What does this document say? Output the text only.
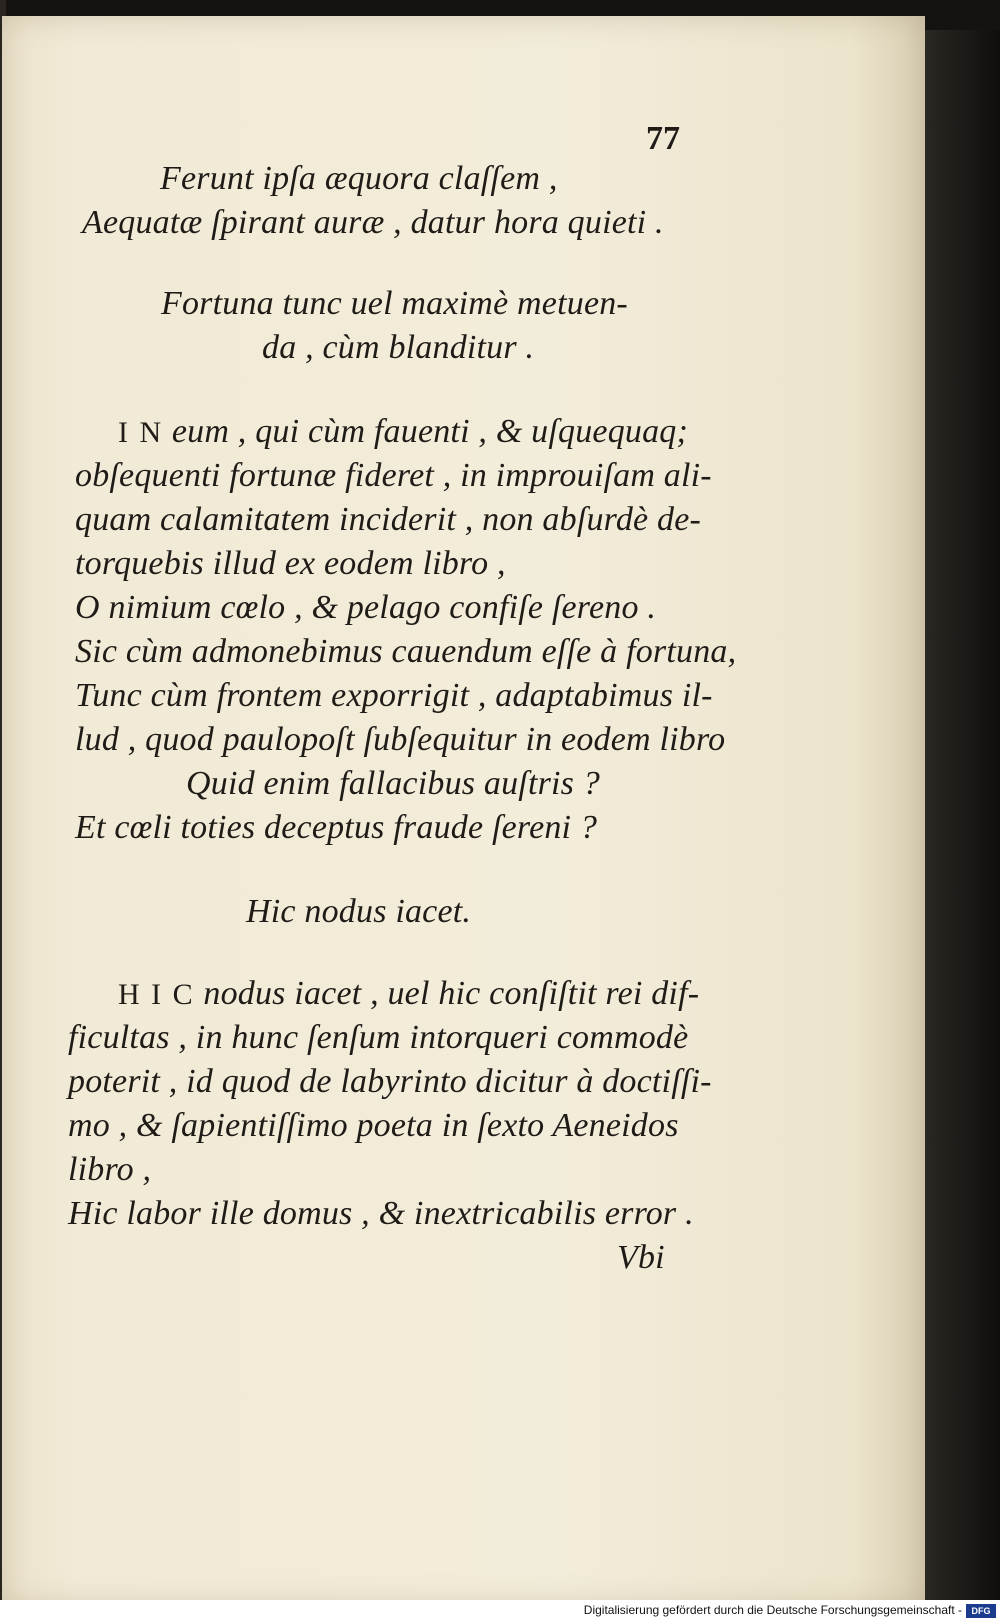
77
Ferunt ipſa æquora claſſem ,
Aequatæ ſpirant auræ , datur hora quieti .
Fortuna tunc uel maximè metuen-
da , cùm blanditur .
I N eum , qui cùm fauenti , & uſquequaq;
obſequenti fortunæ fideret , in improuiſam ali-
quam calamitatem inciderit , non abſurdè de-
torquebis illud ex eodem libro ,
O nimium cœlo , & pelago confiſe ſereno .
Sic cùm admonebimus cauendum eſſe à fortuna,
Tunc cùm frontem exporrigit , adaptabimus il-
lud , quod paulopoſt ſubſequitur in eodem libro
Quid enim fallacibus auſtris ?
Et cœli toties deceptus fraude ſereni ?
Hic nodus iacet.
H I C nodus iacet , uel hic conſiſtit rei dif-
ficultas , in hunc ſenſum intorqueri commodè
poterit , id quod de labyrinto dicitur à doctiſſi-
mo , & ſapientiſſimo poeta in ſexto Aeneidos
libro ,
Hic labor ille domus , & inextricabilis error .
Vbi
Digitalisierung gefördert durch die Deutsche Forschungsgemeinschaft -	DFG
